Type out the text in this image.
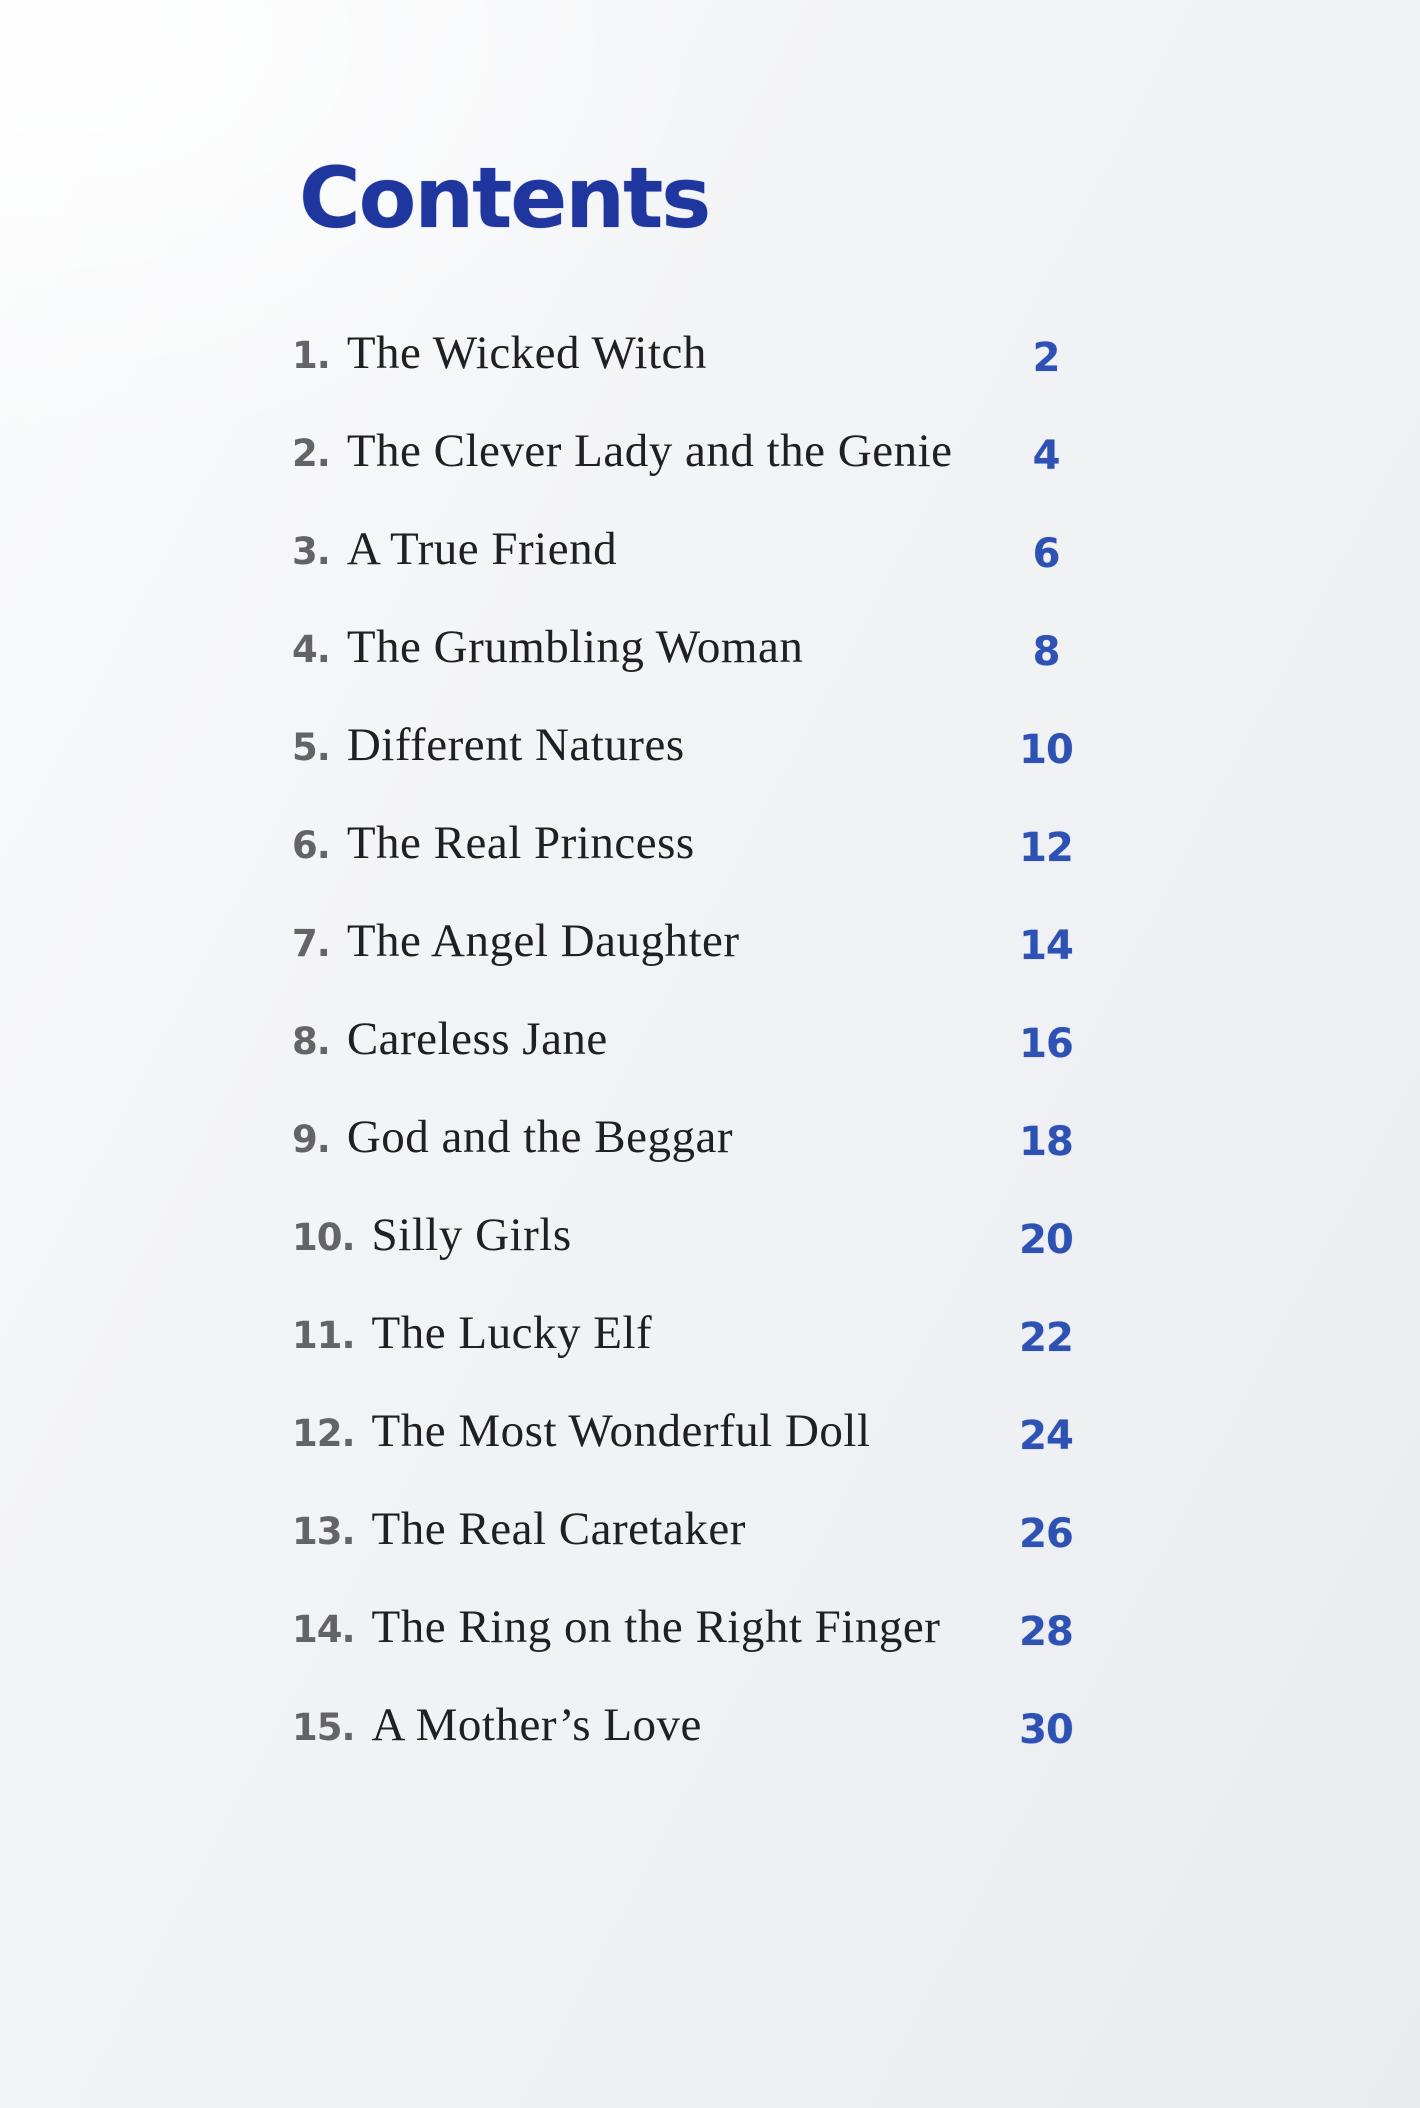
Contents
1. The Wicked Witch	2
2. The Clever Lady and the Genie	4
3. A True Friend	6
4. The Grumbling Woman	8
5. Different Natures	10
6. The Real Princess	12
7. The Angel Daughter	14
8. Careless Jane	16
9. God and the Beggar	18
10. Silly Girls	20
11. The Lucky Elf	22
12. The Most Wonderful Doll	24
13. The Real Caretaker	26
14. The Ring on the Right Finger	28
15. A Mother’s Love	30
